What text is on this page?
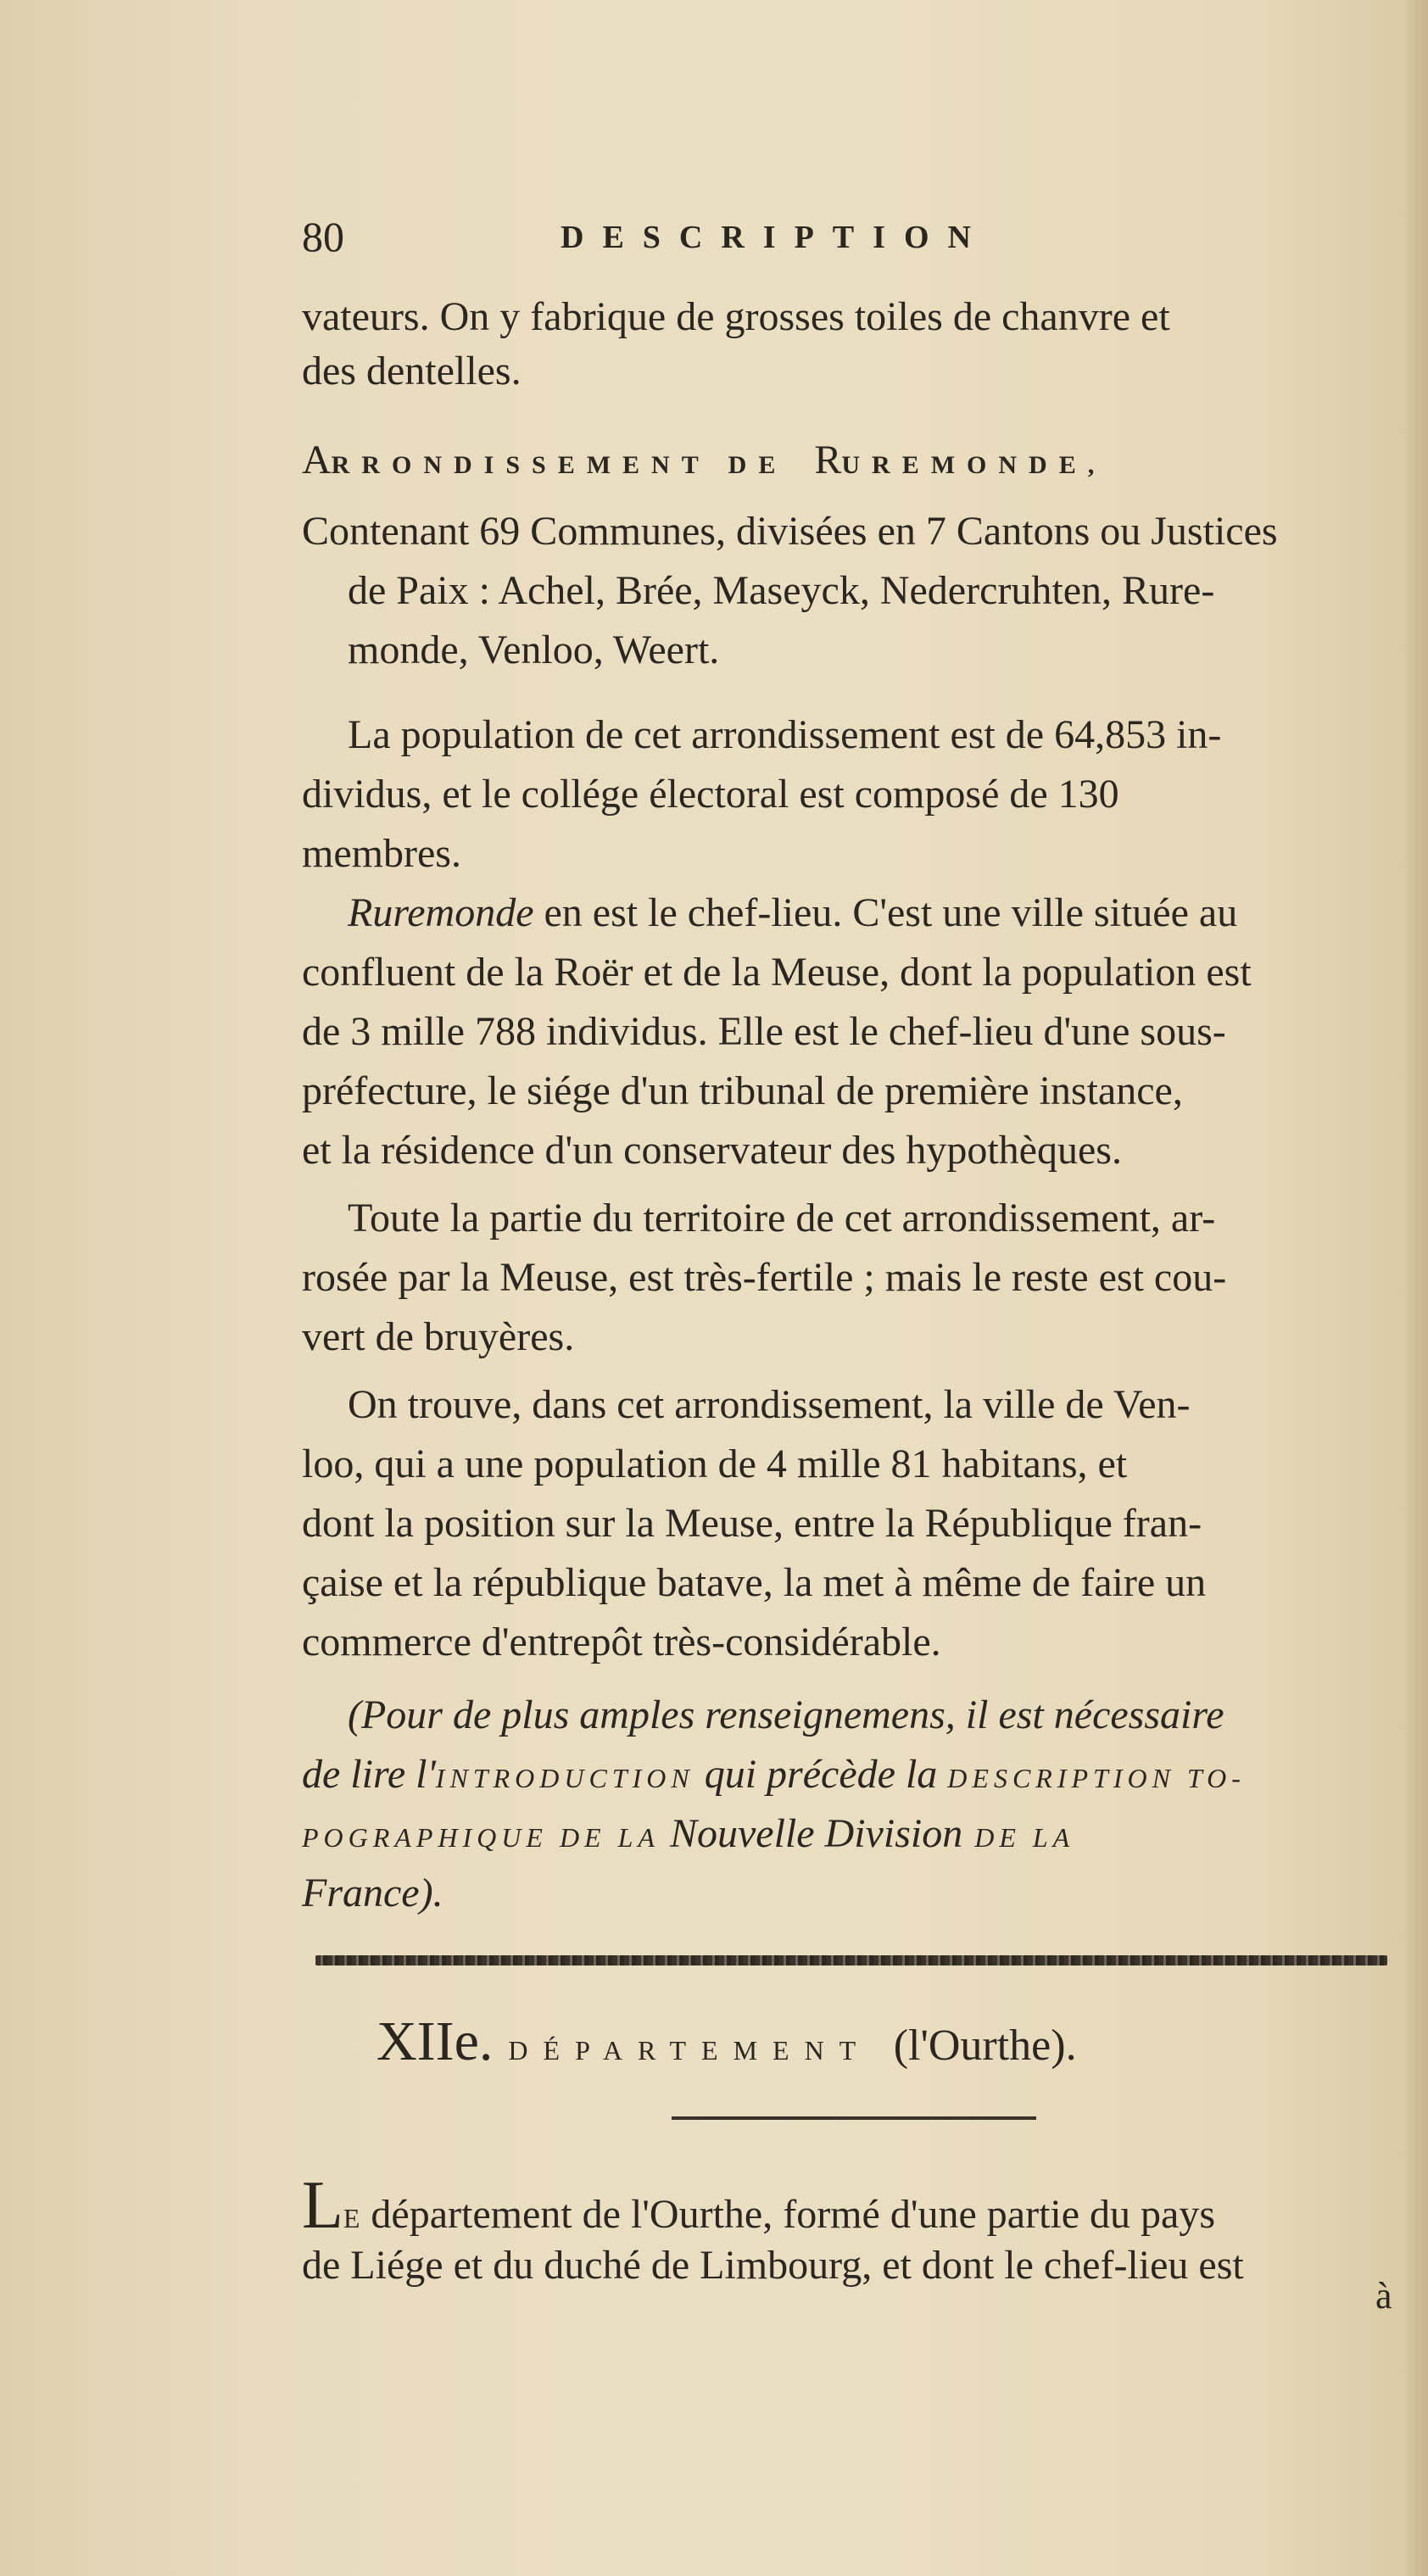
80	DESCRIPTION
vateurs. On y fabrique de grosses toiles de chanvre et
des dentelles.
ARRONDISSEMENT DE RUREMONDE,
Contenant 69 Communes, divisées en 7 Cantons ou Justices
de Paix : Achel, Brée, Maseyck, Nedercruhten, Rure-
monde, Venloo, Weert.
La population de cet arrondissement est de 64,853 in-
dividus, et le collége électoral est composé de 130
membres.
Ruremonde en est le chef-lieu. C'est une ville située au
confluent de la Roër et de la Meuse, dont la population est
de 3 mille 788 individus. Elle est le chef-lieu d'une sous-
préfecture, le siége d'un tribunal de première instance,
et la résidence d'un conservateur des hypothèques.
Toute la partie du territoire de cet arrondissement, ar-
rosée par la Meuse, est très-fertile ; mais le reste est cou-
vert de bruyères.
On trouve, dans cet arrondissement, la ville de Ven-
loo, qui a une population de 4 mille 81 habitans, et
dont la position sur la Meuse, entre la République fran-
çaise et la république batave, la met à même de faire un
commerce d'entrepôt très-considérable.
(Pour de plus amples renseignemens, il est nécessaire
de lire l'INTRODUCTION qui précède la DESCRIPTION TO-
POGRAPHIQUE DE LA Nouvelle Division DE LA
France).
XIIe. DÉPARTEMENT (l'Ourthe).
LE département de l'Ourthe, formé d'une partie du pays
de Liége et du duché de Limbourg, et dont le chef-lieu est
à
